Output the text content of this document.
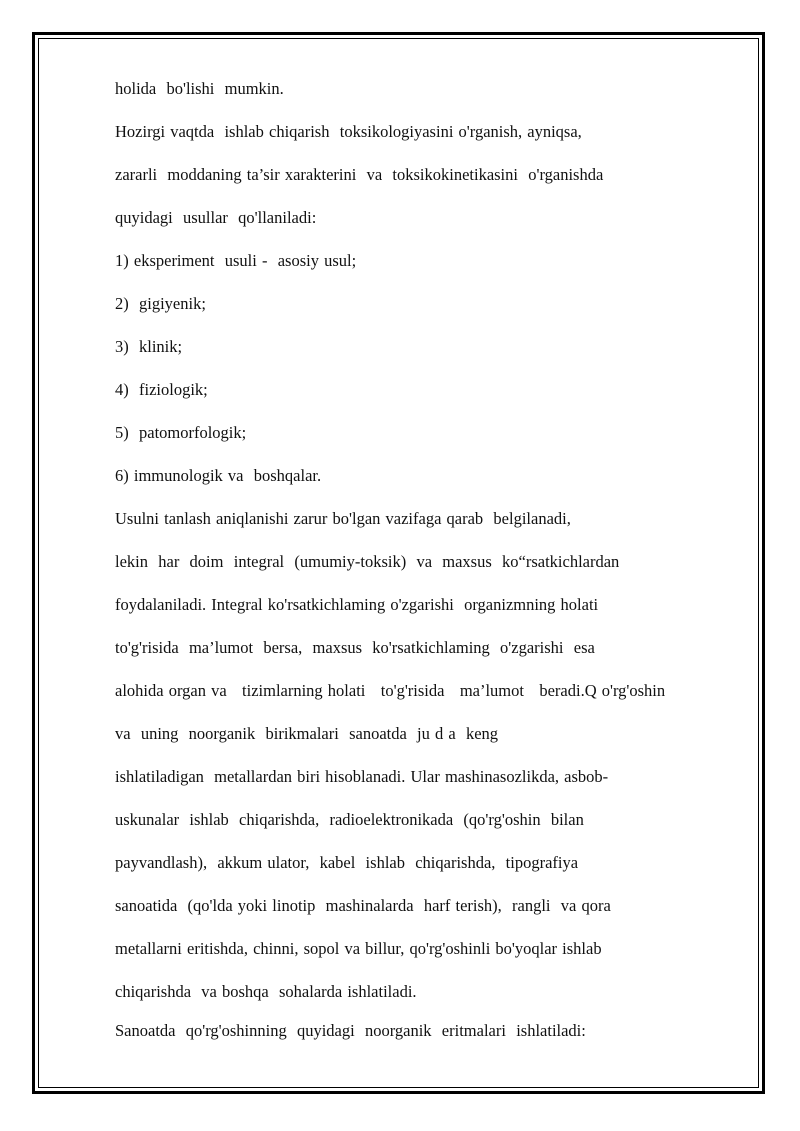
holida  bo'lishi  mumkin.
Hozirgi vaqtda  ishlab chiqarish  toksikologiyasini o'rganish, ayniqsa,
zararli  moddaning ta’sir xarakterini  va  toksikokinetikasini  o'rganishda
quyidagi  usullar  qo'llaniladi:
1) eksperiment  usuli -  asosiy usul;
2)  gigiyenik;
3)  klinik;
4)  fiziologik;
5)  patomorfologik;
6) immunologik va  boshqalar.
Usulni tanlash aniqlanishi zarur bo'lgan vazifaga qarab  belgilanadi,
lekin  har  doim  integral  (umumiy-toksik)  va  maxsus  ko“rsatkichlardan
foydalaniladi. Integral ko'rsatkichlaming o'zgarishi  organizmning holati
to'g'risida  ma’lumot  bersa,  maxsus  ko'rsatkichlaming  o'zgarishi  esa
alohida organ va   tizimlarning holati   to'g'risida   ma’lumot   beradi.Q o'rg'oshin
va  uning  noorganik  birikmalari  sanoatda  ju d a  keng
ishlatiladigan  metallardan biri hisoblanadi. Ular mashinasozlikda, asbob-
uskunalar  ishlab  chiqarishda,  radioelektronikada  (qo'rg'oshin  bilan
payvandlash),  akkum ulator,  kabel  ishlab  chiqarishda,  tipografiya
sanoatida  (qo'lda yoki linotip  mashinalarda  harf terish),  rangli  va qora
metallarni eritishda, chinni, sopol va billur, qo'rg'oshinli bo'yoqlar ishlab
chiqarishda  va boshqa  sohalarda ishlatiladi.
Sanoatda  qo'rg'oshinning  quyidagi  noorganik  eritmalari  ishlatiladi:
